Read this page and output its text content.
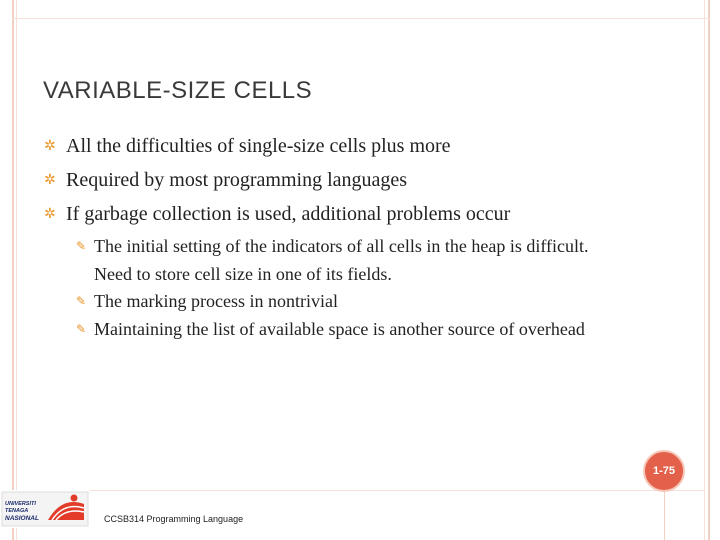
VARIABLE-SIZE CELLS
✲ All the difficulties of single-size cells plus more
✲ Required by most programming languages
✲ If garbage collection is used, additional problems occur
✎ The initial setting of the indicators of all cells in the heap is difficult. Need to store cell size in one of its fields.
✎ The marking process in nontrivial
✎ Maintaining the list of available space is another source of overhead
UNIVERSITI
TENAGA
NASIONAL	CCSB314 Programming Language
1-75
